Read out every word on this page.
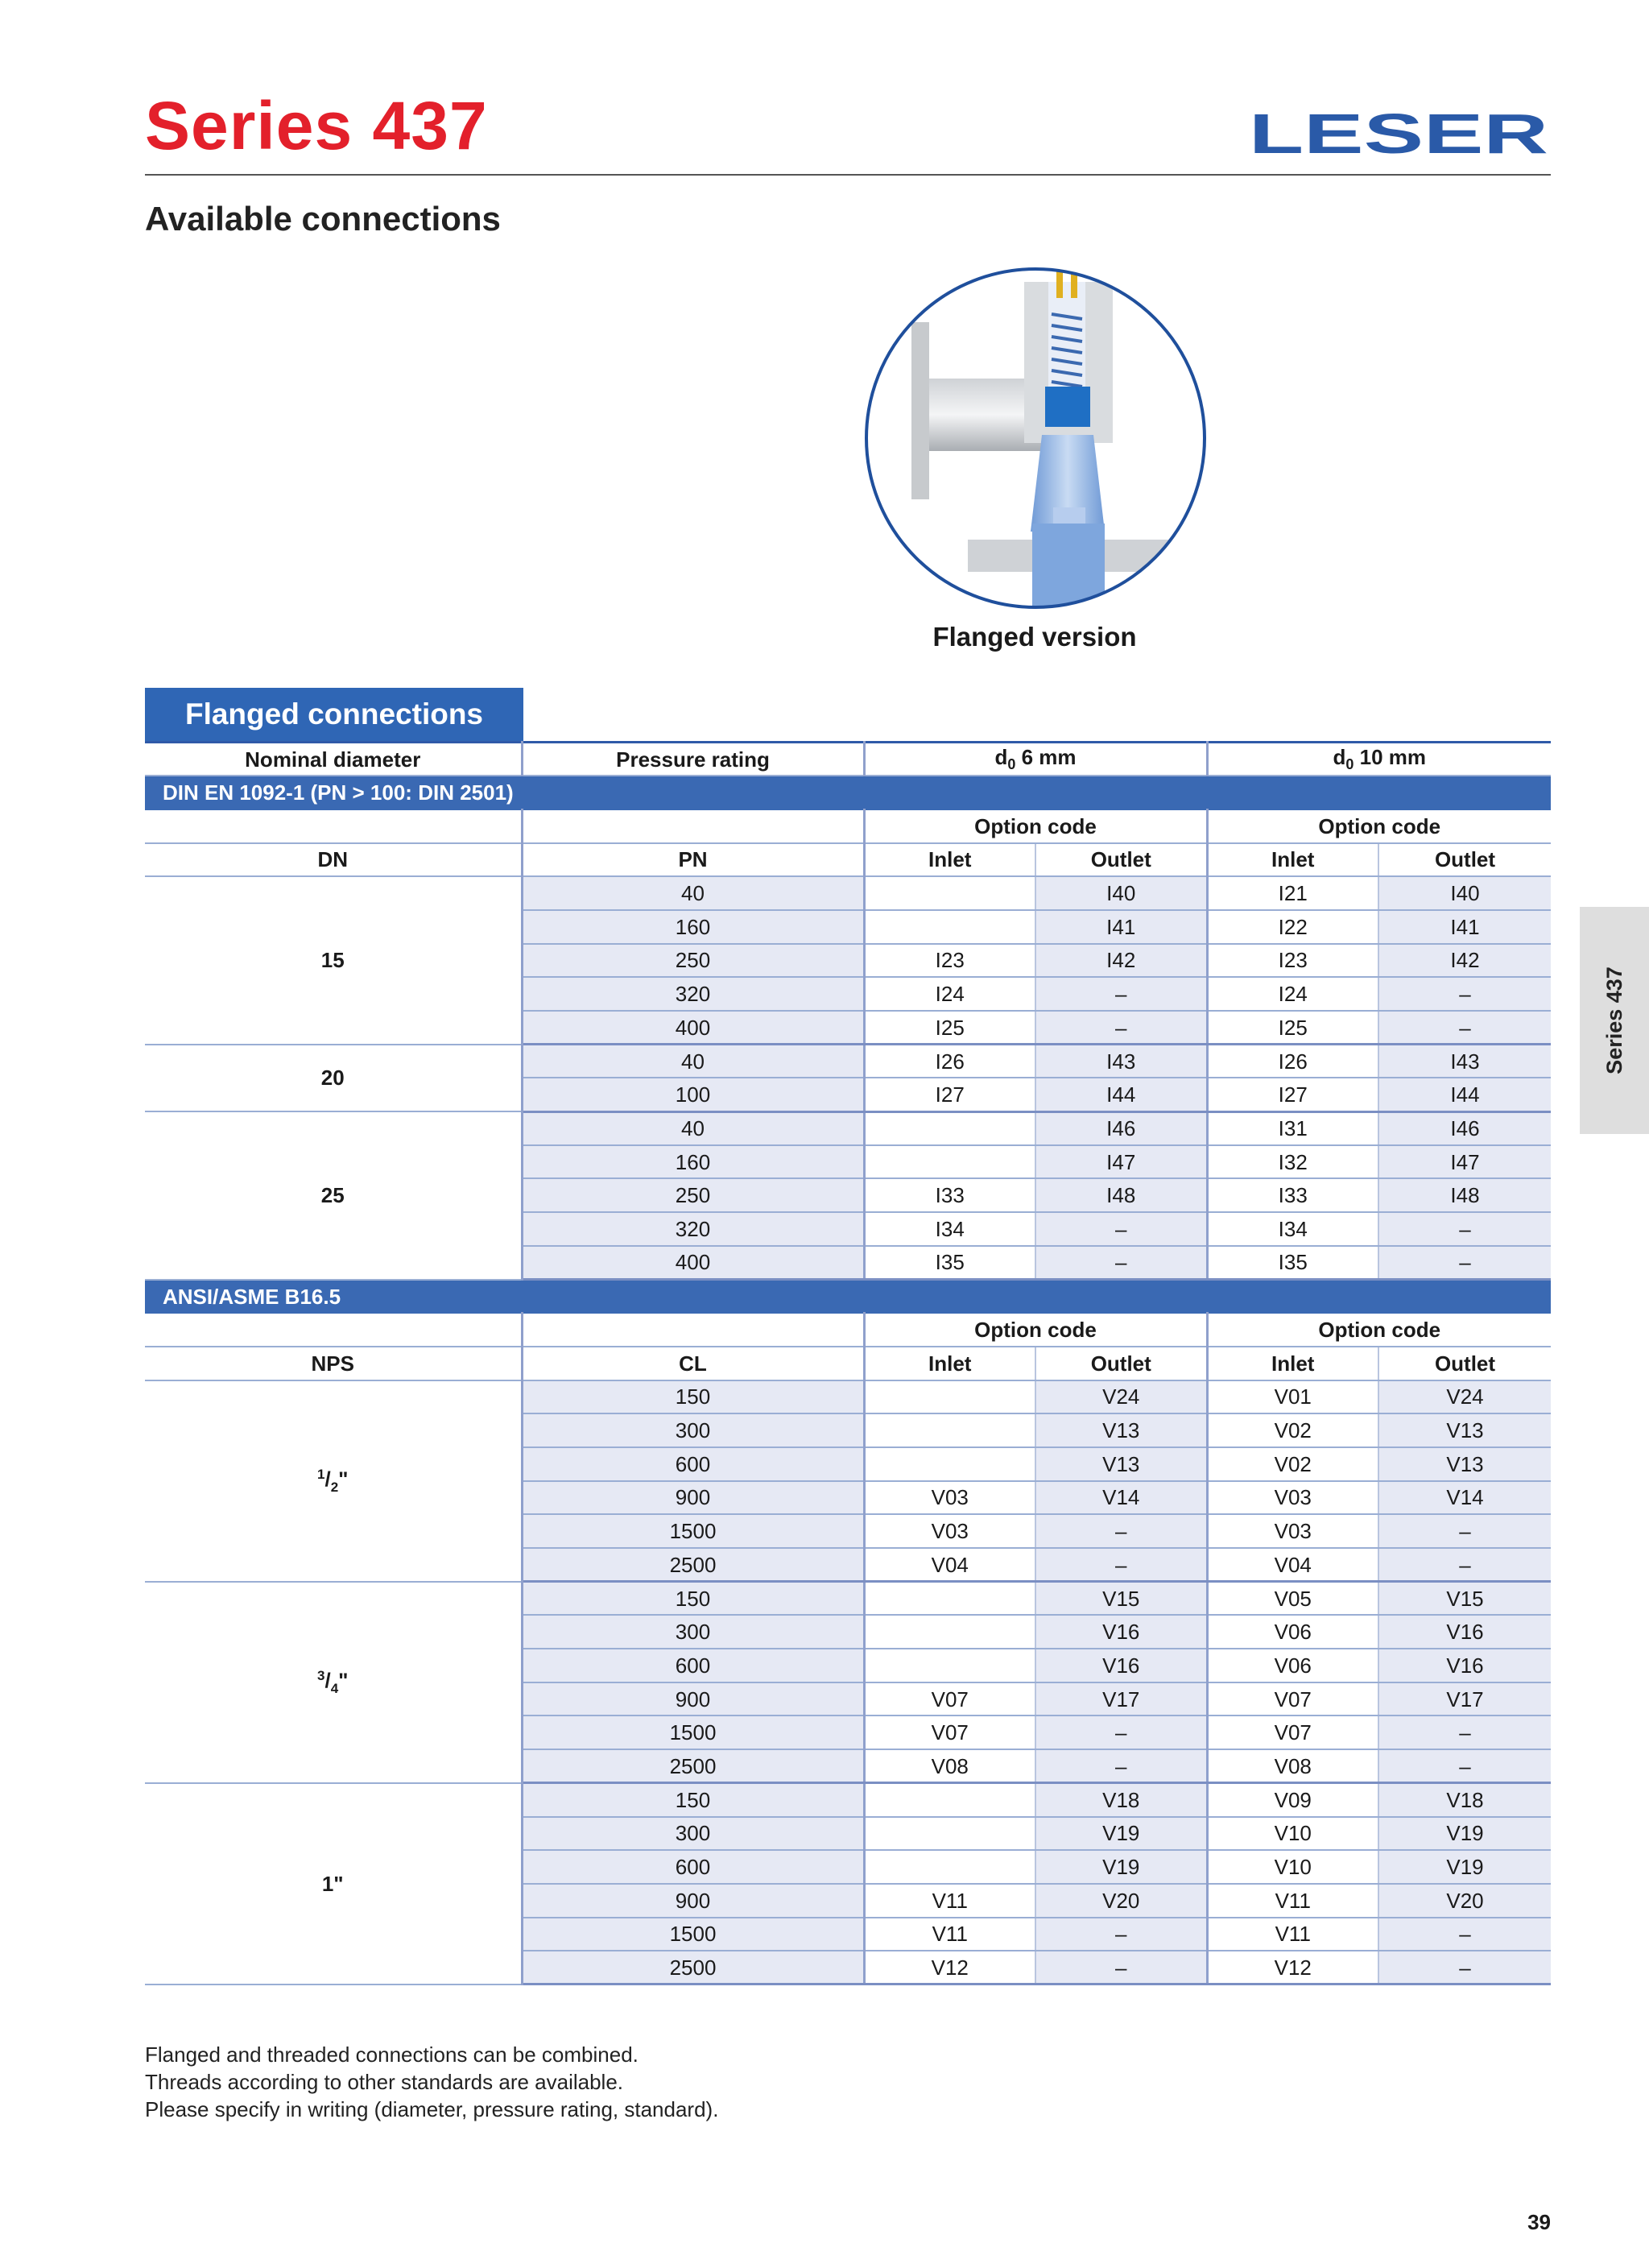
Series 437	LESER
Available connections
Flanged version
Flanged connections
Nominal diameter	Pressure rating	$d_0$ 6 mm		$d_0$ 10 mm	
DIN EN 1092-1 (PN > 100: DIN 2501)					
		Option code		Option code	
DN	PN	Inlet	Outlet	Inlet	Outlet
15	40		I40	I21	I40
	160		I41	I22	I41
	250	I23	I42	I23	I42
	320	I24	–	I24	–
	400	I25	–	I25	–
20	40	I26	I43	I26	I43
	100	I27	I44	I27	I44
25	40		I46	I31	I46
	160		I47	I32	I47
	250	I33	I48	I33	I48
	320	I34	–	I34	–
	400	I35	–	I35	–
ANSI/ASME B16.5					
		Option code		Option code	
NPS	CL	Inlet	Outlet	Inlet	Outlet
$^1/_2$"	150		V24	V01	V24
	300		V13	V02	V13
	600		V13	V02	V13
	900	V03	V14	V03	V14
	1500	V03	–	V03	–
	2500	V04	–	V04	–
$^3/_4$"	150		V15	V05	V15
	300		V16	V06	V16
	600		V16	V06	V16
	900	V07	V17	V07	V17
	1500	V07	–	V07	–
	2500	V08	–	V08	–
1"	150		V18	V09	V18
	300		V19	V10	V19
	600		V19	V10	V19
	900	V11	V20	V11	V20
	1500	V11	–	V11	–
	2500	V12	–	V12	–
Series 437
Flanged and threaded connections can be combined.
Threads according to other standards are available.
Please specify in writing (diameter, pressure rating, standard).
39
